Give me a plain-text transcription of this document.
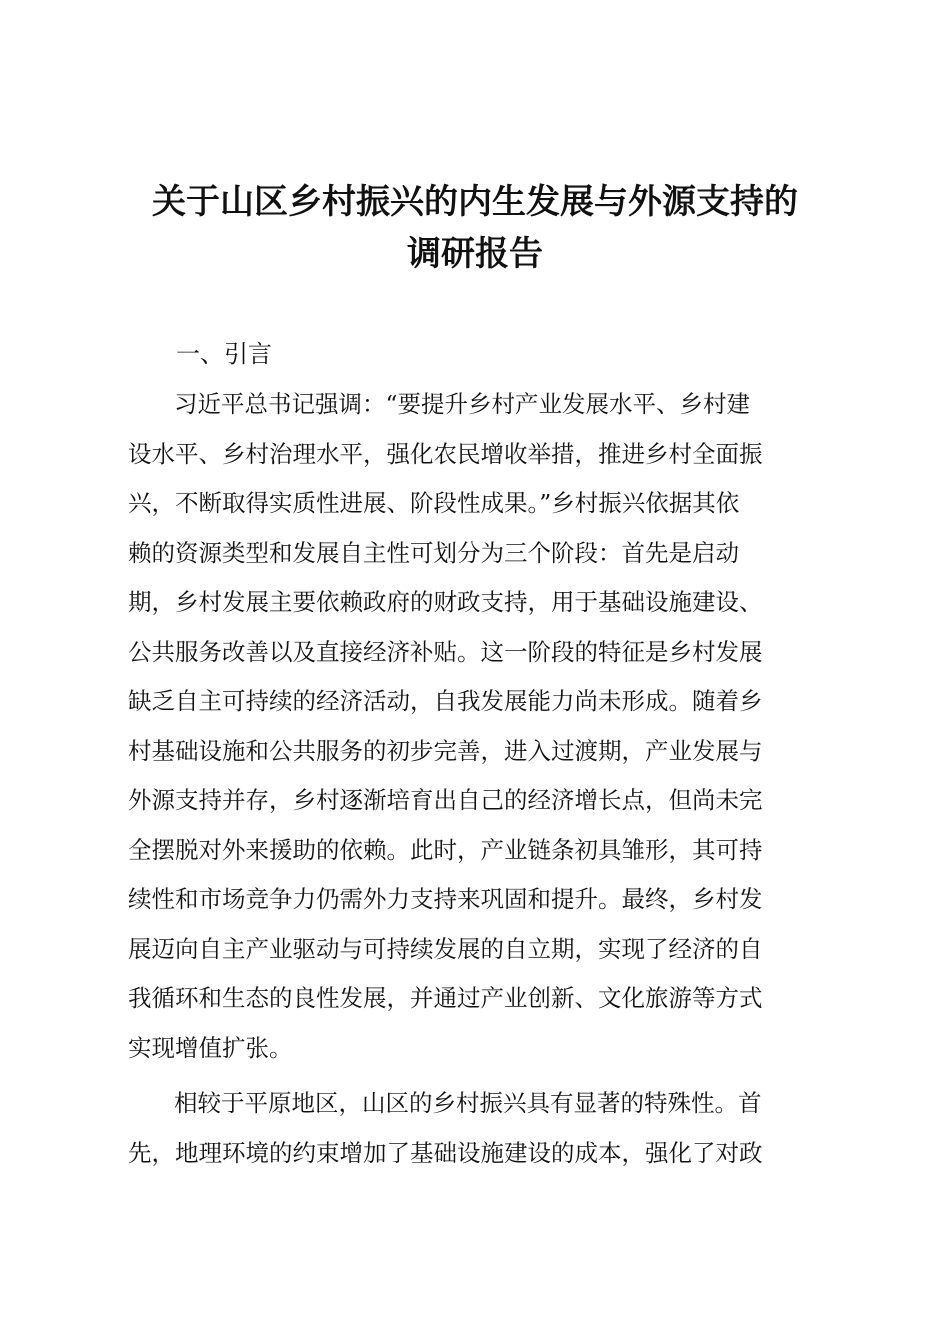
关于山区乡村振兴的内生发展与外源支持的
调研报告
一、引言
习近平总书记强调：“要提升乡村产业发展水平、乡村建
设水平、乡村治理水平，强化农民增收举措，推进乡村全面振
兴，不断取得实质性进展、阶段性成果。”乡村振兴依据其依
赖的资源类型和发展自主性可划分为三个阶段：首先是启动
期，乡村发展主要依赖政府的财政支持，用于基础设施建设、
公共服务改善以及直接经济补贴。这一阶段的特征是乡村发展
缺乏自主可持续的经济活动，自我发展能力尚未形成。随着乡
村基础设施和公共服务的初步完善，进入过渡期，产业发展与
外源支持并存，乡村逐渐培育出自己的经济增长点，但尚未完
全摆脱对外来援助的依赖。此时，产业链条初具雏形，其可持
续性和市场竞争力仍需外力支持来巩固和提升。最终，乡村发
展迈向自主产业驱动与可持续发展的自立期，实现了经济的自
我循环和生态的良性发展，并通过产业创新、文化旅游等方式
实现增值扩张。
相较于平原地区，山区的乡村振兴具有显著的特殊性。首
先，地理环境的约束增加了基础设施建设的成本，强化了对政
